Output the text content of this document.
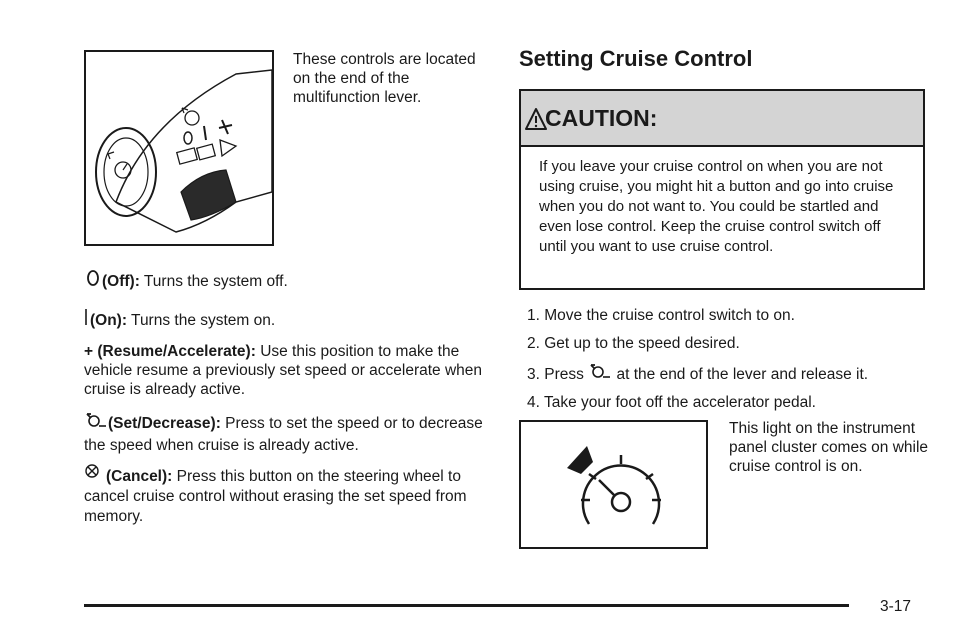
These controls are located on the end of the multifunction lever.
(Off): Turns the system off.
(On): Turns the system on.
+ (Resume/Accelerate): Use this position to make the vehicle resume a previously set speed or accelerate when cruise is already active.
(Set/Decrease): Press to set the speed or to decrease the speed when cruise is already active.
(Cancel): Press this button on the steering wheel to cancel cruise control without erasing the set speed from memory.
Setting Cruise Control
CAUTION:
If you leave your cruise control on when you are not using cruise, you might hit a button and go into cruise when you do not want to. You could be startled and even lose control. Keep the cruise control switch off until you want to use cruise control.
1. Move the cruise control switch to on.
2. Get up to the speed desired.
3. Press at the end of the lever and release it.
4. Take your foot off the accelerator pedal.
This light on the instrument panel cluster comes on while cruise control is on.
3-17
